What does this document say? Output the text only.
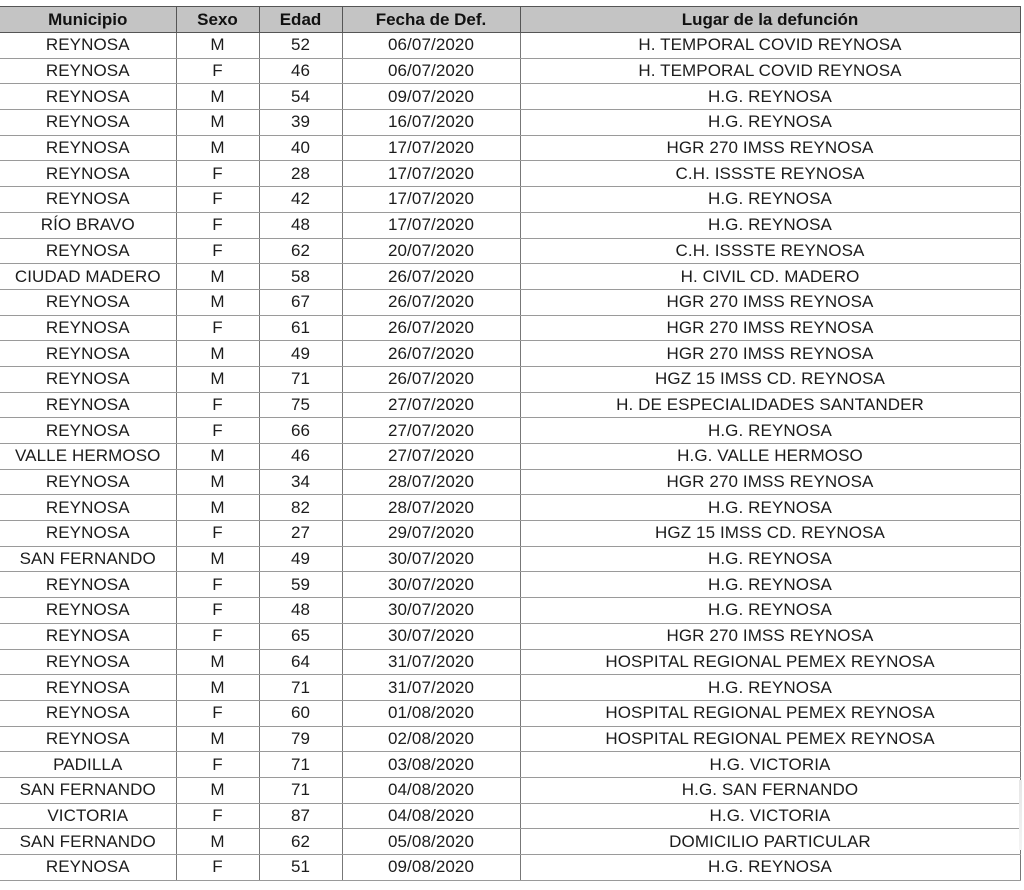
Municipio	Sexo	Edad	Fecha de Def.	Lugar de la defunción
REYNOSA	M	52	06/07/2020	H. TEMPORAL COVID REYNOSA
REYNOSA	F	46	06/07/2020	H. TEMPORAL COVID REYNOSA
REYNOSA	M	54	09/07/2020	H.G. REYNOSA
REYNOSA	M	39	16/07/2020	H.G. REYNOSA
REYNOSA	M	40	17/07/2020	HGR 270 IMSS REYNOSA
REYNOSA	F	28	17/07/2020	C.H. ISSSTE REYNOSA
REYNOSA	F	42	17/07/2020	H.G. REYNOSA
RÍO BRAVO	F	48	17/07/2020	H.G. REYNOSA
REYNOSA	F	62	20/07/2020	C.H. ISSSTE REYNOSA
CIUDAD MADERO	M	58	26/07/2020	H. CIVIL CD. MADERO
REYNOSA	M	67	26/07/2020	HGR 270 IMSS REYNOSA
REYNOSA	F	61	26/07/2020	HGR 270 IMSS REYNOSA
REYNOSA	M	49	26/07/2020	HGR 270 IMSS REYNOSA
REYNOSA	M	71	26/07/2020	HGZ 15 IMSS CD. REYNOSA
REYNOSA	F	75	27/07/2020	H. DE ESPECIALIDADES SANTANDER
REYNOSA	F	66	27/07/2020	H.G. REYNOSA
VALLE HERMOSO	M	46	27/07/2020	H.G. VALLE HERMOSO
REYNOSA	M	34	28/07/2020	HGR 270 IMSS REYNOSA
REYNOSA	M	82	28/07/2020	H.G. REYNOSA
REYNOSA	F	27	29/07/2020	HGZ 15 IMSS CD. REYNOSA
SAN FERNANDO	M	49	30/07/2020	H.G. REYNOSA
REYNOSA	F	59	30/07/2020	H.G. REYNOSA
REYNOSA	F	48	30/07/2020	H.G. REYNOSA
REYNOSA	F	65	30/07/2020	HGR 270 IMSS REYNOSA
REYNOSA	M	64	31/07/2020	HOSPITAL REGIONAL PEMEX REYNOSA
REYNOSA	M	71	31/07/2020	H.G. REYNOSA
REYNOSA	F	60	01/08/2020	HOSPITAL REGIONAL PEMEX REYNOSA
REYNOSA	M	79	02/08/2020	HOSPITAL REGIONAL PEMEX REYNOSA
PADILLA	F	71	03/08/2020	H.G. VICTORIA
SAN FERNANDO	M	71	04/08/2020	H.G. SAN FERNANDO
VICTORIA	F	87	04/08/2020	H.G. VICTORIA
SAN FERNANDO	M	62	05/08/2020	DOMICILIO PARTICULAR
REYNOSA	F	51	09/08/2020	H.G. REYNOSA
